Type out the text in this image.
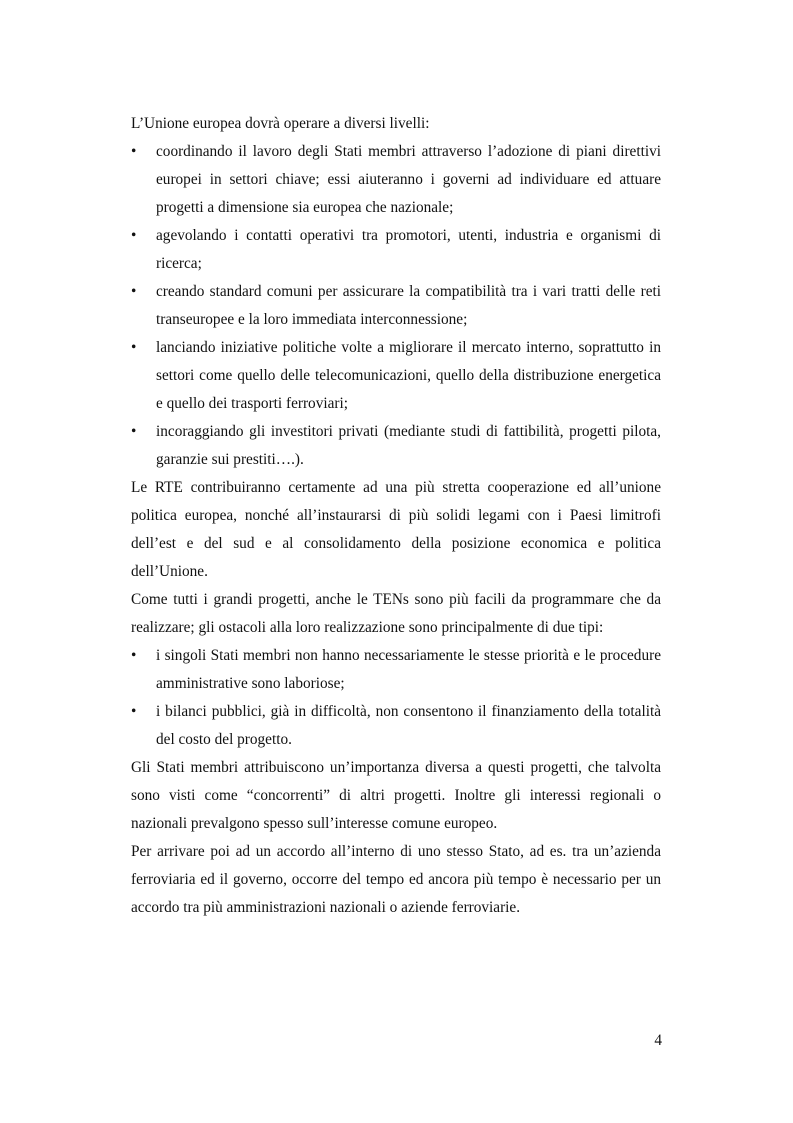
L’Unione europea dovrà operare a diversi livelli:

•	coordinando il lavoro degli Stati membri attraverso l’adozione di piani direttivi europei in settori chiave; essi aiuteranno i governi ad individuare ed attuare progetti a dimensione sia europea che nazionale;
•	agevolando i contatti operativi tra promotori, utenti, industria e organismi di ricerca;
•	creando standard comuni per assicurare la compatibilità tra i vari tratti delle reti transeuropee e la loro immediata interconnessione;
•	lanciando iniziative politiche volte a migliorare il mercato interno, soprattutto in settori come quello delle telecomunicazioni, quello della distribuzione energetica e quello dei trasporti ferroviari;
•	incoraggiando gli investitori privati (mediante studi di fattibilità, progetti pilota, garanzie sui prestiti….).

Le RTE contribuiranno certamente ad una più stretta cooperazione ed all’unione politica europea, nonché all’instaurarsi di più solidi legami con i Paesi limitrofi dell’est e del sud e al consolidamento della posizione economica e politica dell’Unione.

Come tutti i grandi progetti, anche le TENs sono più facili da programmare che da realizzare; gli ostacoli alla loro realizzazione sono principalmente di due tipi:

•	i singoli Stati membri non hanno necessariamente le stesse priorità e le procedure amministrative sono laboriose;
•	i bilanci pubblici, già in difficoltà, non consentono il finanziamento della totalità del costo del progetto.

Gli Stati membri attribuiscono un’importanza diversa a questi progetti, che talvolta sono visti come “concorrenti” di altri progetti. Inoltre gli interessi regionali o nazionali prevalgono spesso sull’interesse comune europeo.

Per arrivare poi ad un accordo all’interno di uno stesso Stato, ad es. tra un’azienda ferroviaria ed il governo, occorre del tempo ed ancora più tempo è necessario per un accordo tra più amministrazioni nazionali o aziende ferroviarie.

4
